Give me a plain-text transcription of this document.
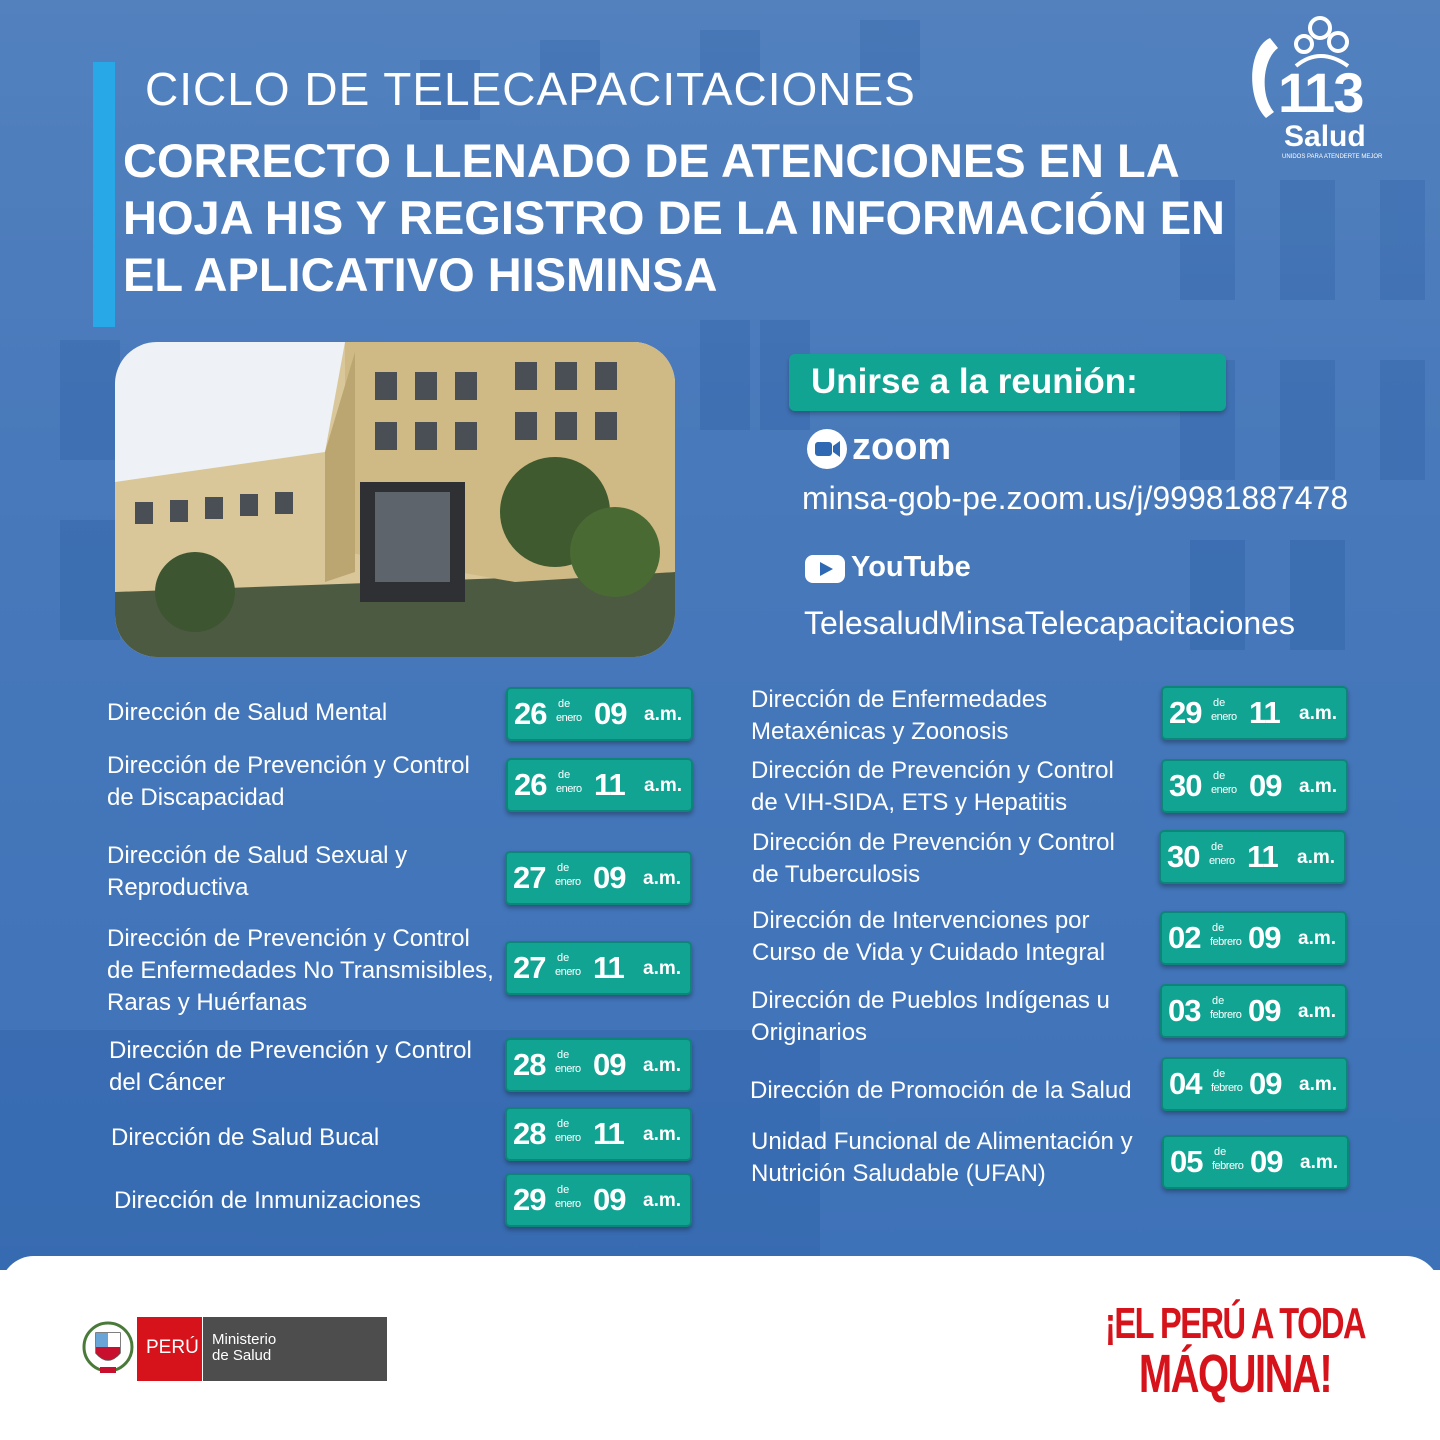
CICLO DE TELECAPACITACIONES
CORRECTO LLENADO DE ATENCIONES EN LA HOJA HIS Y REGISTRO DE LA INFORMACIÓN EN EL APLICATIVO HISMINSA
113
Salud
UNIDOS PARA ATENDERTE MEJOR
Unirse a la reunión:
zoom
minsa-gob-pe.zoom.us/j/99981887478
YouTube
TelesaludMinsaTelecapacitaciones
Dirección de Salud Mental
Dirección de Prevención y Control de Discapacidad
Dirección de Salud Sexual y Reproductiva
Dirección de Prevención y Control de Enfermedades No Transmisibles, Raras y Huérfanas
Dirección de Prevención y Control del Cáncer
Dirección de Salud Bucal
Dirección de Inmunizaciones
26 de
enero 09 a.m.
26 de
enero 11 a.m.
27 de
enero 09 a.m.
27 de
enero 11 a.m.
28 de
enero 09 a.m.
28 de
enero 11 a.m.
29 de
enero 09 a.m.
Dirección de Enfermedades Metaxénicas y Zoonosis
Dirección de Prevención y Control de VIH-SIDA, ETS y Hepatitis
Dirección de Prevención y Control de Tuberculosis
Dirección de Intervenciones por Curso de Vida y Cuidado Integral
Dirección de Pueblos Indígenas u Originarios
Dirección de Promoción de la Salud
Unidad Funcional de Alimentación y Nutrición Saludable (UFAN)
29 de
enero 11 a.m.
30 de
enero 09 a.m.
30 de
enero 11 a.m.
02 de
febrero 09 a.m.
03 de
febrero 09 a.m.
04 de
febrero 09 a.m.
05 de
febrero 09 a.m.
PERÚ Ministerio
de Salud
¡EL PERÚ A TODA
MÁQUINA!
